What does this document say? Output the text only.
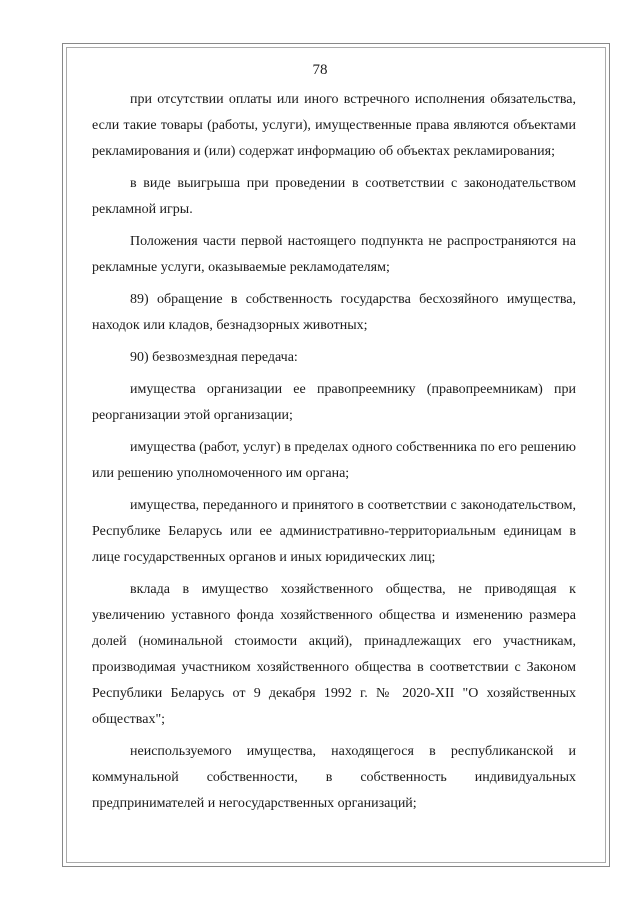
78

при отсутствии оплаты или иного встречного исполнения обязательства, если такие товары (работы, услуги), имущественные права являются объектами рекламирования и (или) содержат информацию об объектах рекламирования;

в виде выигрыша при проведении в соответствии с законодательством рекламной игры.

Положения части первой настоящего подпункта не распространяются на рекламные услуги, оказываемые рекламодателям;

89) обращение в собственность государства бесхозяйного имущества, находок или кладов, безнадзорных животных;

90) безвозмездная передача:

имущества организации ее правопреемнику (правопреемникам) при реорганизации этой организации;

имущества (работ, услуг) в пределах одного собственника по его решению или решению уполномоченного им органа;

имущества, переданного и принятого в соответствии с законодательством, Республике Беларусь или ее административно-территориальным единицам в лице государственных органов и иных юридических лиц;

вклада в имущество хозяйственного общества, не приводящая к увеличению уставного фонда хозяйственного общества и изменению размера долей (номинальной стоимости акций), принадлежащих его участникам, производимая участником хозяйственного общества в соответствии с Законом Республики Беларусь от 9 декабря 1992 г. № 2020-XII "О хозяйственных обществах";

неиспользуемого имущества, находящегося в республиканской и коммунальной собственности, в собственность индивидуальных предпринимателей и негосударственных организаций;
